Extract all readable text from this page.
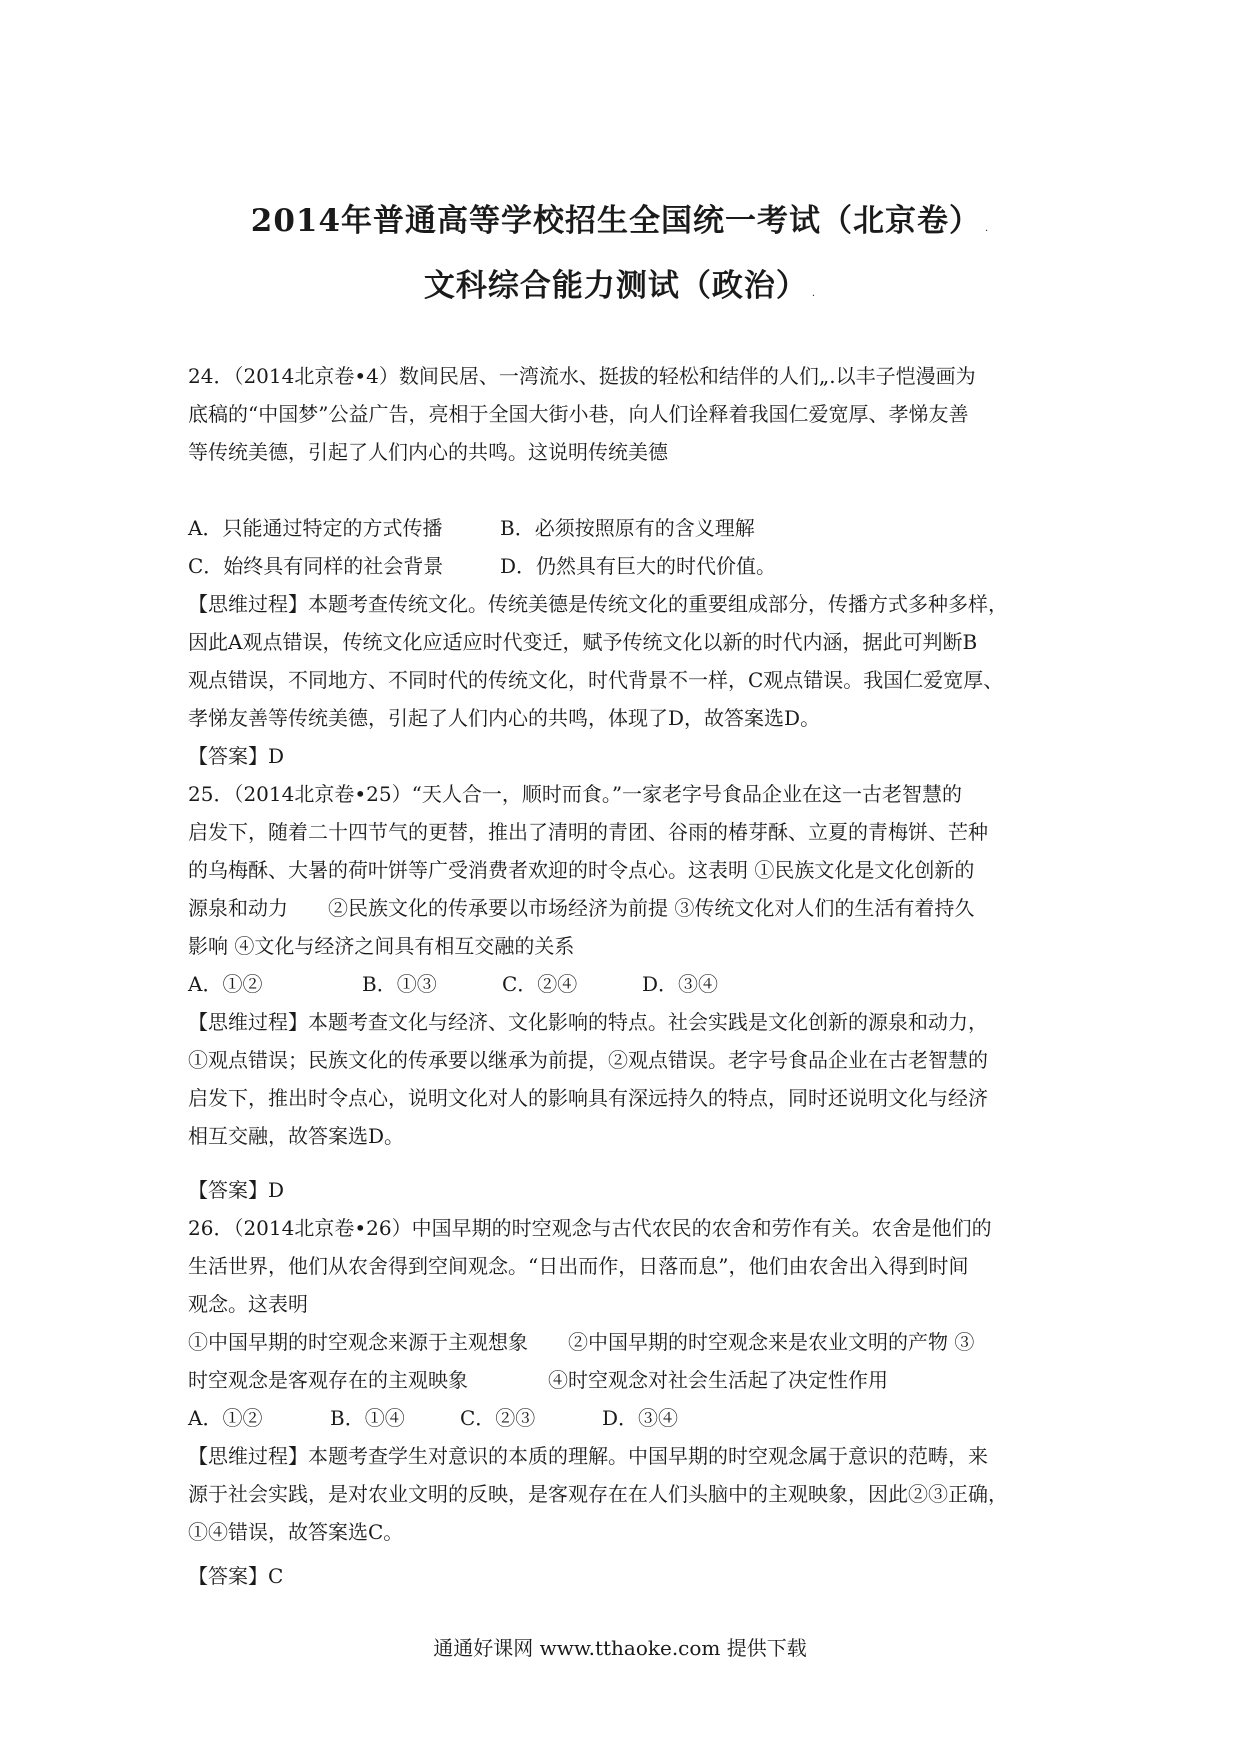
2014年普通高等学校招生全国统一考试（北京卷） .
文科综合能力测试（政治） .
24．（2014北京卷•4）数间民居、一湾流水、挺拔的轻松和结伴的人们„.以丰子恺漫画为
底稿的“中国梦”公益广告，亮相于全国大街小巷，向人们诠释着我国仁爱宽厚、孝悌友善
等传统美德，引起了人们内心的共鸣。这说明传统美德
A．只能通过特定的方式传播	B．必须按照原有的含义理解
C．始终具有同样的社会背景	D．仍然具有巨大的时代价值。
【思维过程】本题考查传统文化。传统美德是传统文化的重要组成部分，传播方式多种多样，
因此A观点错误，传统文化应适应时代变迁，赋予传统文化以新的时代内涵，据此可判断B
观点错误，不同地方、不同时代的传统文化，时代背景不一样，C观点错误。我国仁爱宽厚、
孝悌友善等传统美德，引起了人们内心的共鸣，体现了D，故答案选D。
【答案】D
25．（2014北京卷•25）“天人合一，顺时而食。”一家老字号食品企业在这一古老智慧的
启发下，随着二十四节气的更替，推出了清明的青团、谷雨的椿芽酥、立夏的青梅饼、芒种
的乌梅酥、大暑的荷叶饼等广受消费者欢迎的时令点心。这表明 ①民族文化是文化创新的
源泉和动力　　②民族文化的传承要以市场经济为前提 ③传统文化对人们的生活有着持久
影响 ④文化与经济之间具有相互交融的关系
A．①②	B．①③	C．②④	D．③④
【思维过程】本题考查文化与经济、文化影响的特点。社会实践是文化创新的源泉和动力，
①观点错误；民族文化的传承要以继承为前提，②观点错误。老字号食品企业在古老智慧的
启发下，推出时令点心，说明文化对人的影响具有深远持久的特点，同时还说明文化与经济
相互交融，故答案选D。
【答案】D
26．（2014北京卷•26）中国早期的时空观念与古代农民的农舍和劳作有关。农舍是他们的
生活世界，他们从农舍得到空间观念。“日出而作，日落而息”，他们由农舍出入得到时间
观念。这表明
①中国早期的时空观念来源于主观想象　　②中国早期的时空观念来是农业文明的产物 ③
时空观念是客观存在的主观映象　　　　④时空观念对社会生活起了决定性作用
A．①②	B．①④	C．②③	D．③④
【思维过程】本题考查学生对意识的本质的理解。中国早期的时空观念属于意识的范畴，来
源于社会实践，是对农业文明的反映，是客观存在在人们头脑中的主观映象，因此②③正确，
①④错误，故答案选C。
【答案】C
通通好课网 www.tthaoke.com 提供下载
